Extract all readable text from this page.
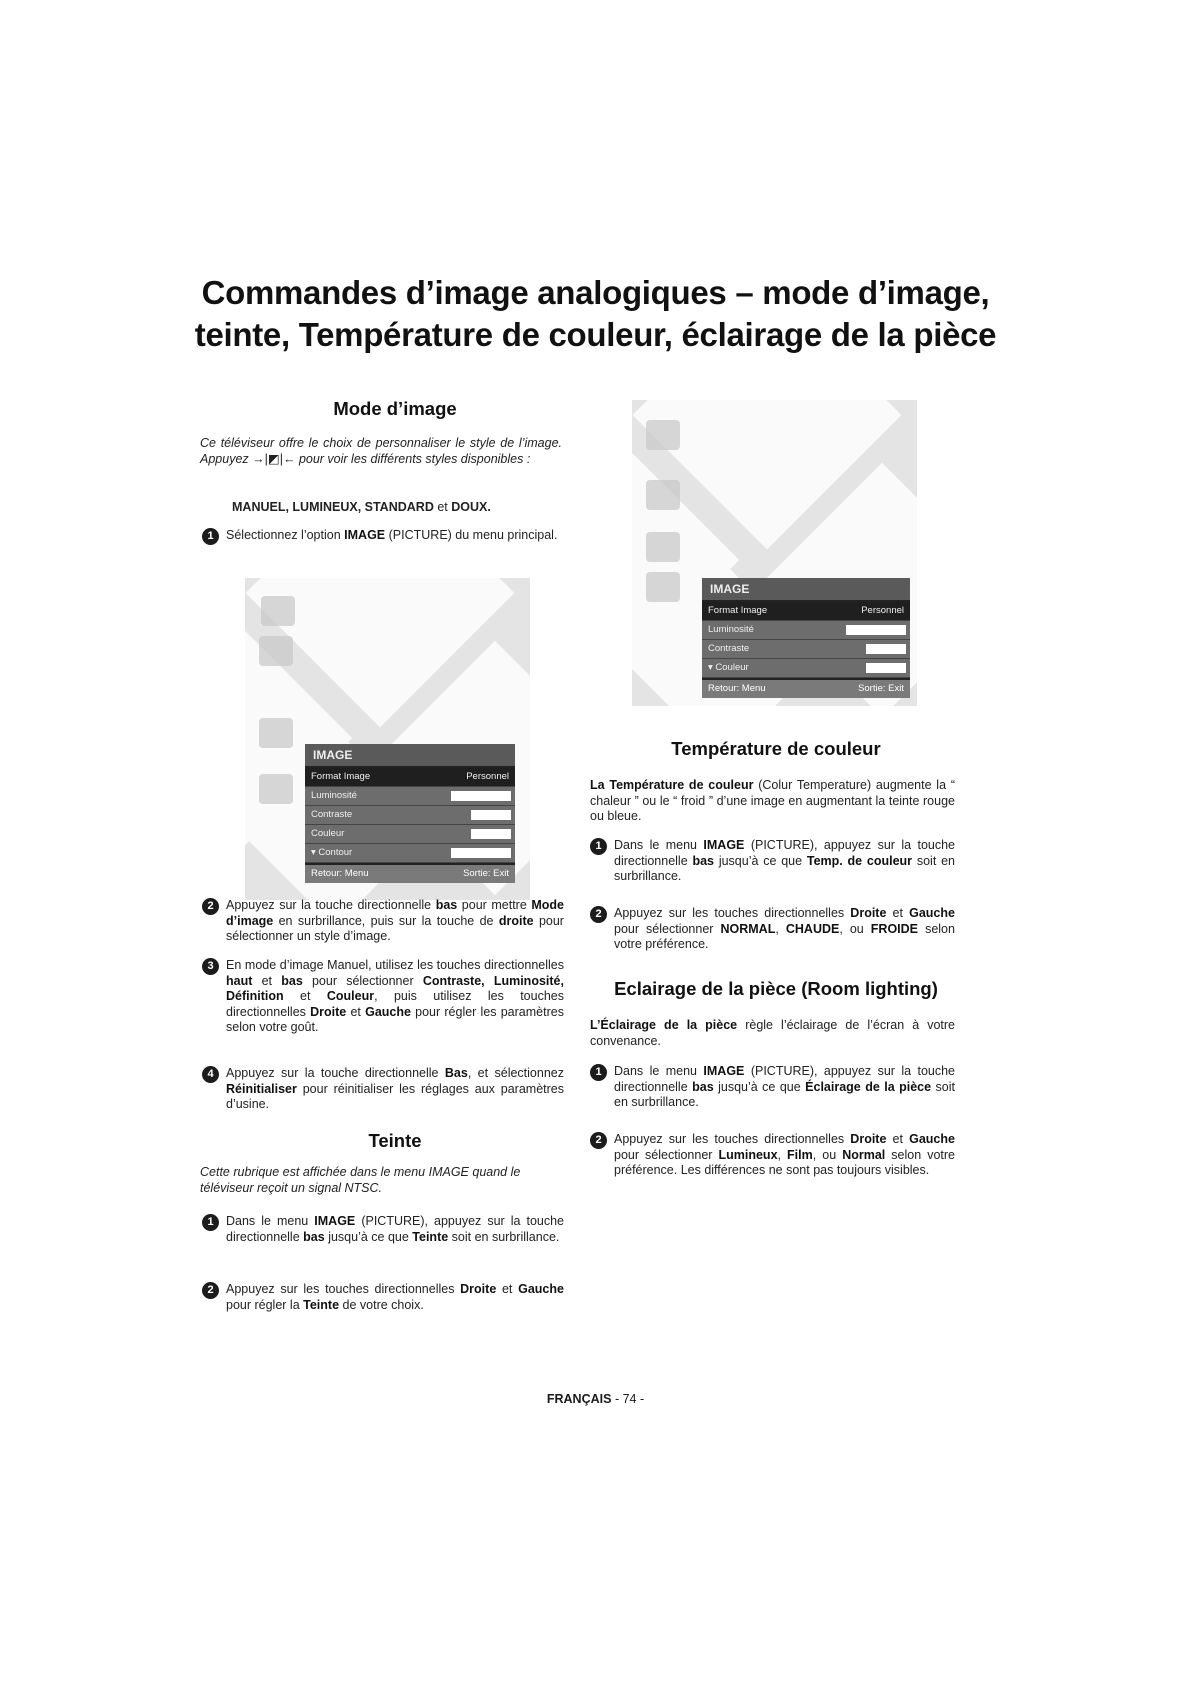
Commandes d’image analogiques – mode d’image,
teinte, Température de couleur, éclairage de la pièce
Mode d’image
Ce téléviseur offre le choix de personnaliser le style de l’image. Appuyez →|◩|← pour voir les différents styles disponibles :
MANUEL, LUMINEUX, STANDARD et DOUX.
1 Sélectionnez l’option IMAGE (PICTURE) du menu principal.
IMAGE
Format Image	Personnel
Luminosité
Contraste
Couleur
▾ Contour
Retour: Menu	Sortie: Exit
2 Appuyez sur la touche directionnelle bas pour mettre Mode d’image en surbrillance, puis sur la touche de droite pour sélectionner un style d’image.
3 En mode d’image Manuel, utilisez les touches directionnelles haut et bas pour sélectionner Contraste, Luminosité, Définition et Couleur, puis utilisez les touches directionnelles Droite et Gauche pour régler les paramètres selon votre goût.
4 Appuyez sur la touche directionnelle Bas, et sélectionnez Réinitialiser pour réinitialiser les réglages aux paramètres d’usine.
Teinte
Cette rubrique est affichée dans le menu IMAGE quand le téléviseur reçoit un signal NTSC.
1 Dans le menu IMAGE (PICTURE), appuyez sur la touche directionnelle bas jusqu’à ce que Teinte soit en surbrillance.
2 Appuyez sur les touches directionnelles Droite et Gauche pour régler la Teinte de votre choix.
IMAGE
Format Image	Personnel
Luminosité
Contraste
▾ Couleur
Retour: Menu	Sortie: Exit
Température de couleur
La Température de couleur (Colur Temperature) augmente la “ chaleur ” ou le “ froid ” d’une image en augmentant la teinte rouge ou bleue.
1 Dans le menu IMAGE (PICTURE), appuyez sur la touche directionnelle bas jusqu’à ce que Temp. de couleur soit en surbrillance.
2 Appuyez sur les touches directionnelles Droite et Gauche pour sélectionner NORMAL, CHAUDE, ou FROIDE selon votre préférence.
Eclairage de la pièce (Room lighting)
L’Éclairage de la pièce règle l’éclairage de l’écran à votre convenance.
1 Dans le menu IMAGE (PICTURE), appuyez sur la touche directionnelle bas jusqu’à ce que Éclairage de la pièce soit en surbrillance.
2 Appuyez sur les touches directionnelles Droite et Gauche pour sélectionner Lumineux, Film, ou Normal selon votre préférence. Les différences ne sont pas toujours visibles.
FRANÇAIS - 74 -
